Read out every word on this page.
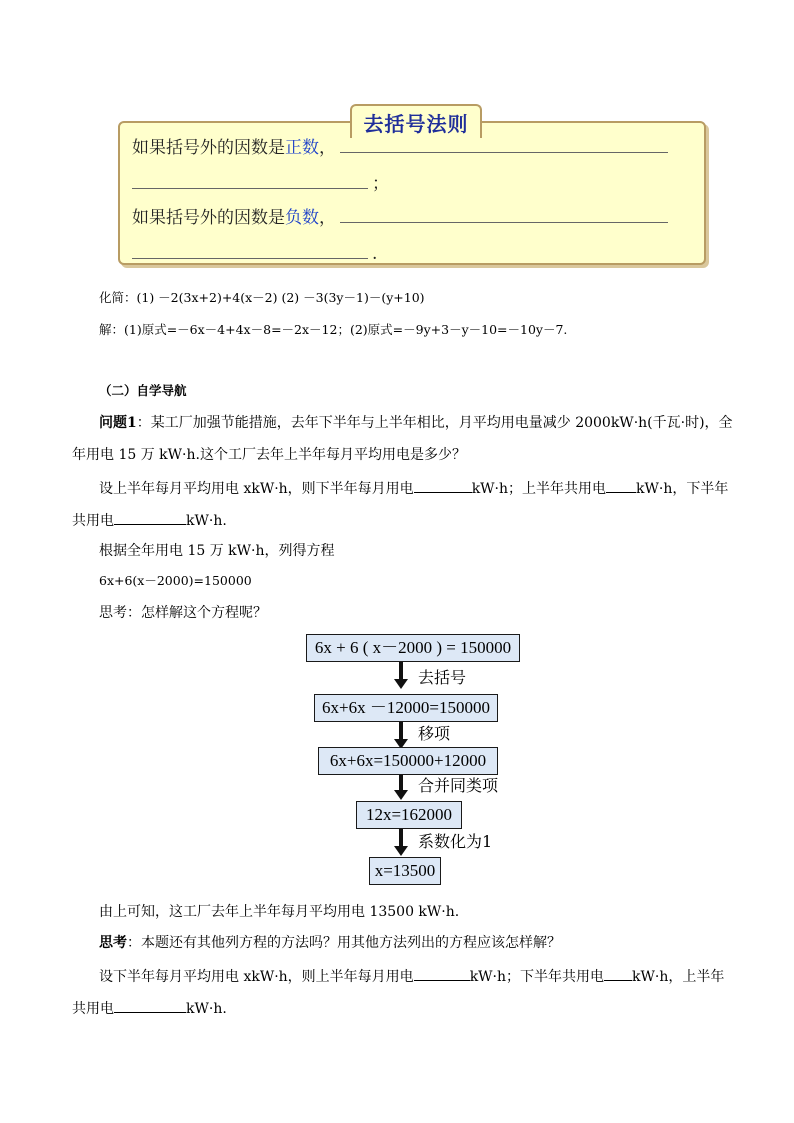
去括号法则
如果括号外的因数是正数，
；
如果括号外的因数是负数，
.
化简：(1) －2(3x+2)+4(x－2) (2) －3(3y－1)－(y+10)
解：(1)原式=－6x－4+4x－8=－2x－12；(2)原式=－9y+3－y－10=－10y－7.
（二）自学导航
问题1：某工厂加强节能措施，去年下半年与上半年相比，月平均用电量减少 2000kW·h(千瓦·时)，全
年用电 15 万 kW·h.这个工厂去年上半年每月平均用电是多少？
设上半年每月平均用电 xkW·h，则下半年每月用电	kW·h；上半年共用电 kW·h，下半年
共用电	kW·h.
根据全年用电 15 万 kW·h，列得方程
6x+6(x－2000)=150000
思考：怎样解这个方程呢？
6x + 6 ( x－2000 ) = 150000
去括号
6x+6x －12000=150000
移项
6x+6x=150000+12000
合并同类项
12x=162000
系数化为1
x=13500
由上可知，这工厂去年上半年每月平均用电 13500 kW·h.
思考：本题还有其他列方程的方法吗？用其他方法列出的方程应该怎样解？
设下半年每月平均用电 xkW·h，则上半年每月用电	kW·h；下半年共用电 kW·h，上半年
共用电	kW·h.
